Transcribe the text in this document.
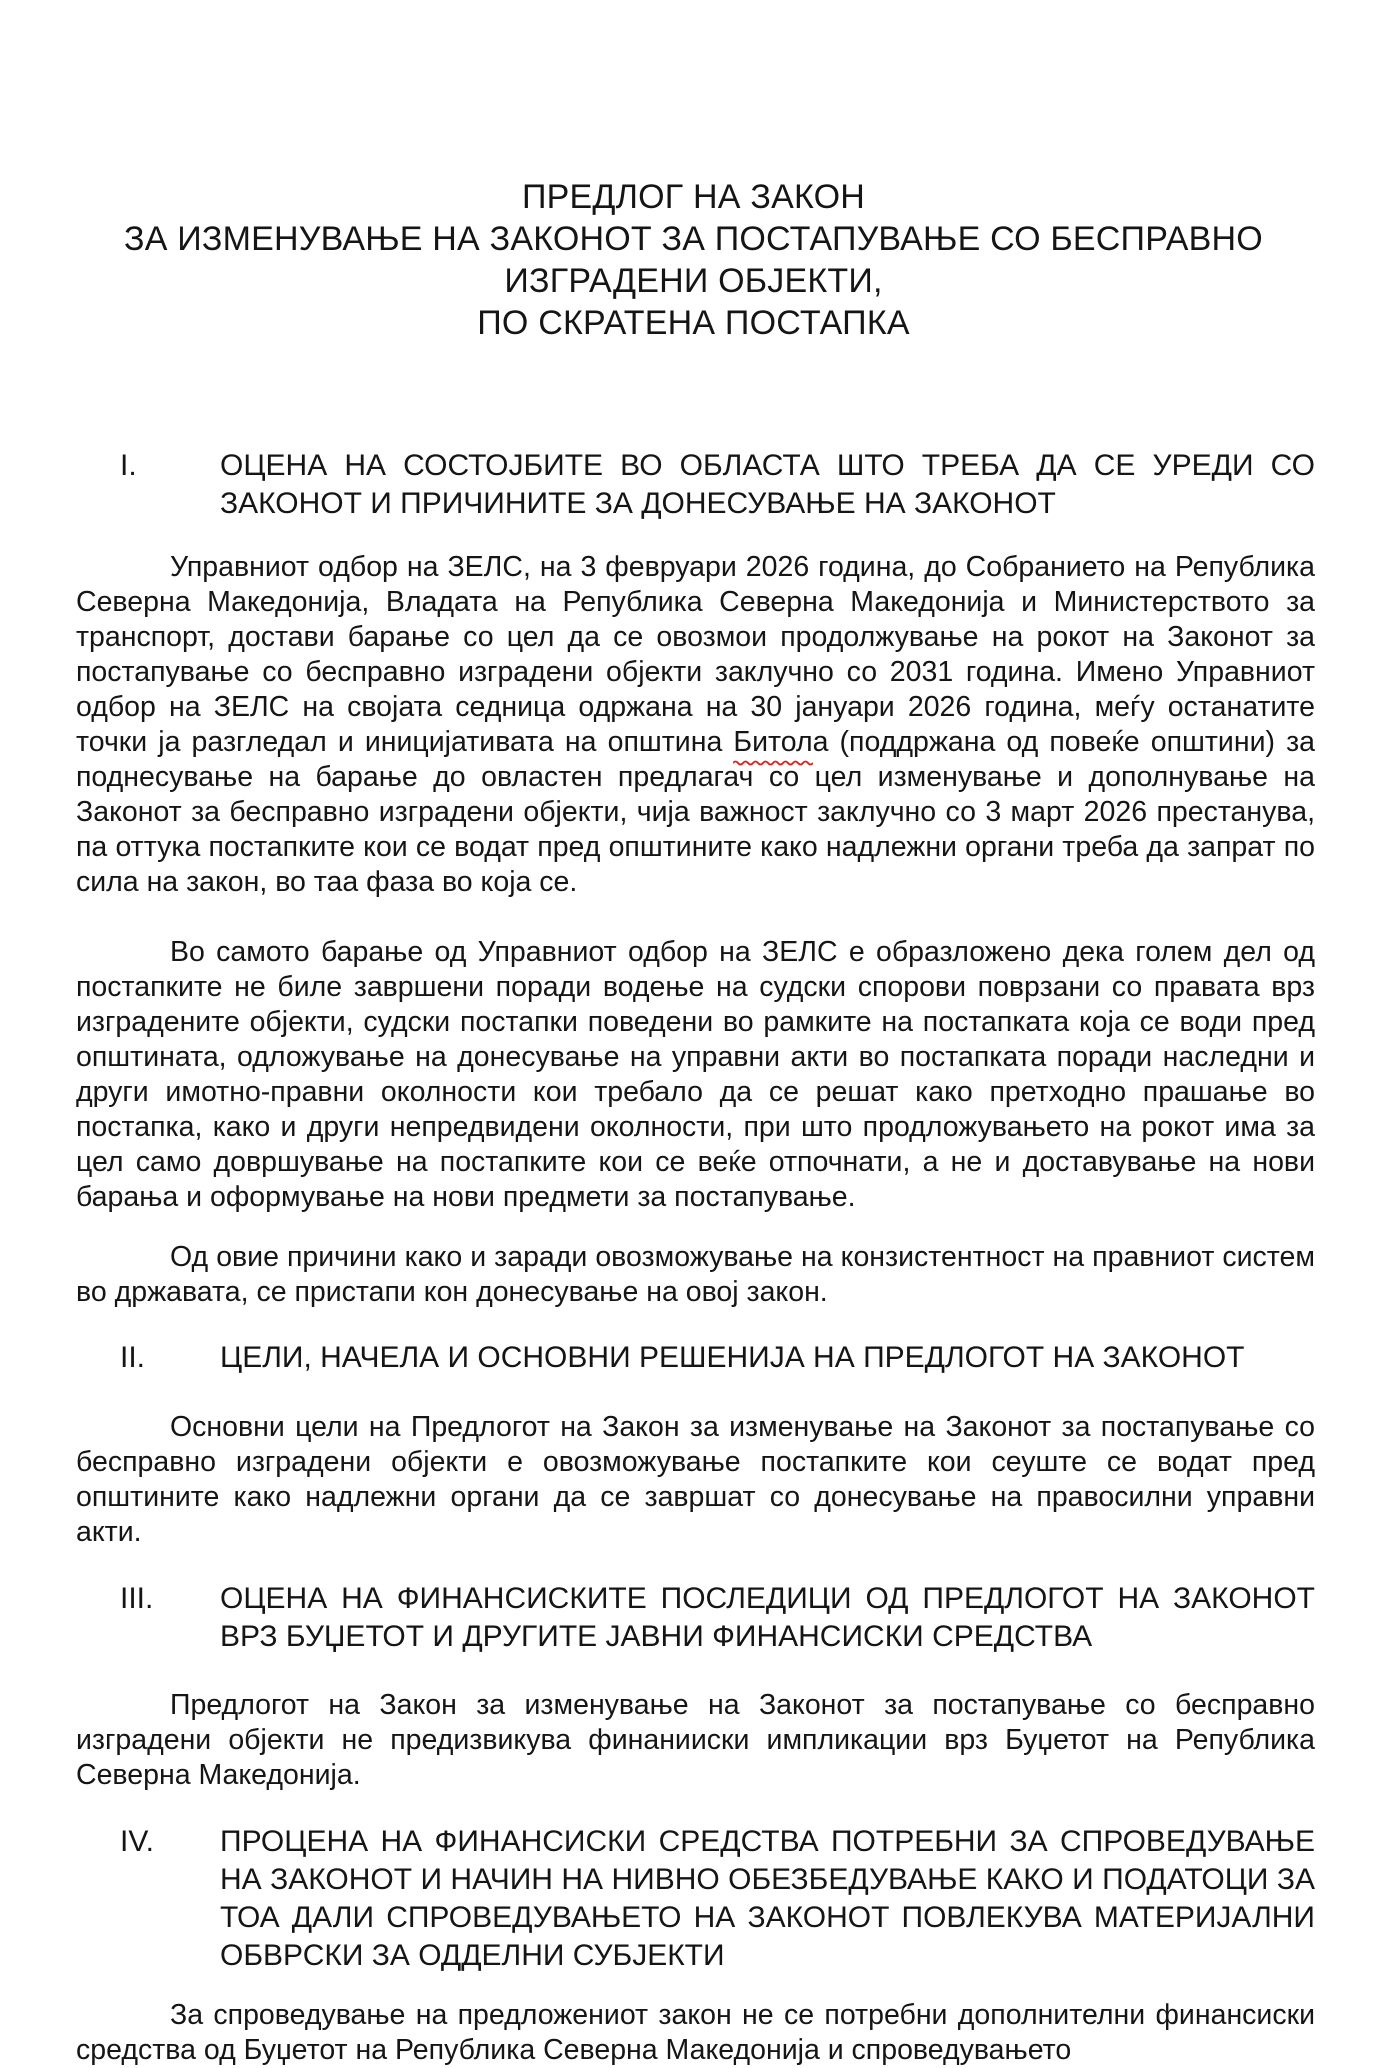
ПРЕДЛОГ НА ЗАКОН
ЗА ИЗМЕНУВАЊЕ НА ЗАКОНОТ ЗА ПОСТАПУВАЊЕ СО БЕСПРАВНО
ИЗГРАДЕНИ ОБЈЕКТИ,
ПО СКРАТЕНА ПОСТАПКА
I.	ОЦЕНА НА СОСТОЈБИТЕ ВО ОБЛАСТА ШТО ТРЕБА ДА СЕ УРЕДИ СО ЗАКОНОТ И ПРИЧИНИТЕ ЗА ДОНЕСУВАЊЕ НА ЗАКОНОТ

Управниот одбор на ЗЕЛС, на 3 февруари 2026 година, до Собранието на Република Северна Македонија, Владата на Република Северна Македонија и Министерството за транспорт, достави барање со цел да се овозмои продолжување на рокот на Законот за постапување со бесправно изградени објекти заклучно со 2031 година. Имено Управниот одбор на ЗЕЛС на својата седница одржана на 30 јануари 2026 година, меѓу останатите точки ја разгледал и иницијативата на општина Битола
(поддржана од повеќе општини) за поднесување на барање до овластен предлагач со цел изменување и дополнување на Законот за бесправно изградени објекти, чија важност заклучно со 3 март 2026 престанува, па оттука постапките кои се водат пред општините како надлежни органи треба да запрат по сила на закон, во таа фаза во која се.

Во самото барање од Управниот одбор на ЗЕЛС е образложено дека голем дел од постапките не биле завршени поради водење на судски спорови поврзани со правата врз изградените објекти, судски постапки поведени во рамките на постапката која се води пред општината, одложување на донесување на управни акти во постапката поради наследни и други имотно-правни околности кои требало да се решат како претходно прашање во постапка, како и други непредвидени околности, при што продложувањето на рокот има за цел само довршување на постапките кои се веќе отпочнати, а не и доставување на нови барања и оформување на нови предмети за постапување.

Од овие причини како и заради овозможување на конзистентност на правниот систем во државата, се пристапи кон донесување на овој закон.

II. ЦЕЛИ, НАЧЕЛА И ОСНОВНИ РЕШЕНИЈА НА ПРЕДЛОГОТ НА ЗАКОНОТ

Основни цели на Предлогот на Закон за изменување на Законот за постапување со бесправно изградени објекти е овозможување постапките кои сеуште се водат пред општините како надлежни органи да се завршат со донесување на правосилни управни акти.

III. ОЦЕНА НА ФИНАНСИСКИТЕ ПОСЛЕДИЦИ ОД ПРЕДЛОГОТ НА ЗАКОНОТ ВРЗ БУЏЕТОТ И ДРУГИТЕ ЈАВНИ ФИНАНСИСКИ СРЕДСТВА

Предлогот на Закон за изменување на Законот за постапување со бесправно изградени објекти не предизвикува финанииски импликации врз Буџетот на Република Северна Македонија.

IV. ПРОЦЕНА НА ФИНАНСИСКИ СРЕДСТВА ПОТРЕБНИ ЗА СПРОВЕДУВАЊЕ НА ЗАКОНОТ И НАЧИН НА НИВНО ОБЕЗБЕДУВАЊЕ КАКО И ПОДАТОЦИ ЗА ТОА ДАЛИ СПРОВЕДУВАЊЕТО НА ЗАКОНОТ ПОВЛЕКУВА МАТЕРИЈАЛНИ ОБВРСКИ ЗА ОДДЕЛНИ СУБЈЕКТИ

За спроведување на предложениот закон не се потребни дополнителни финансиски средства од Буџетот на Република Северна Македонија и спроведувањето
